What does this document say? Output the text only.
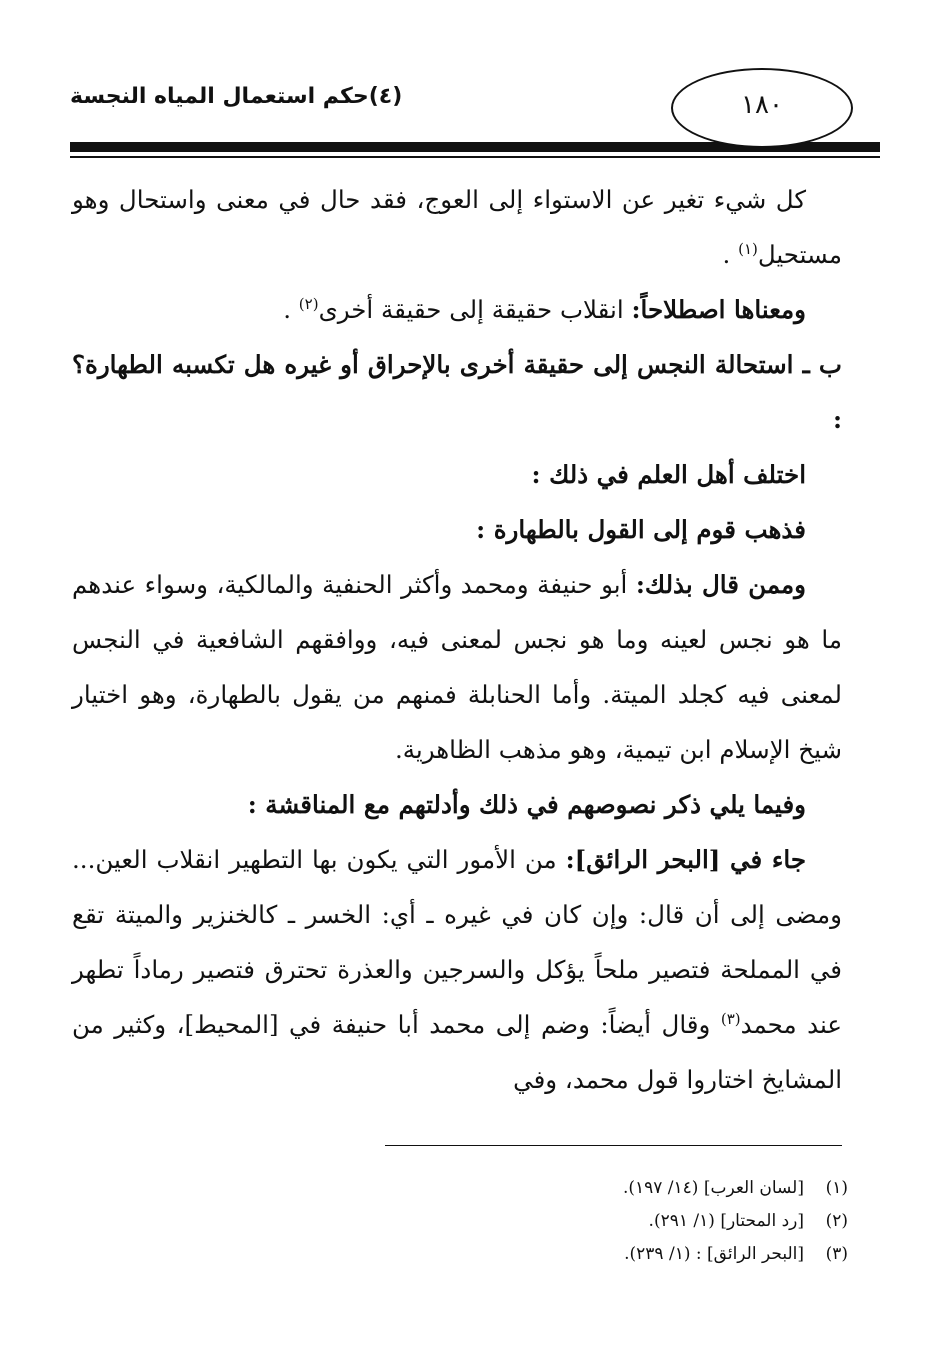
(٤)حكم استعمال المياه النجسة	١٨٠

كل شيء تغير عن الاستواء إلى العوج، فقد حال في معنى واستحال وهو مستحيل$^{(١)}$ .

ومعناها اصطلاحاً: انقلاب حقيقة إلى حقيقة أخرى$^{(٢)}$ .

ب ـ استحالة النجس إلى حقيقة أخرى بالإحراق أو غيره هل تكسبه الطهارة؟ :

اختلف أهل العلم في ذلك :

فذهب قوم إلى القول بالطهارة :

وممن قال بذلك: أبو حنيفة ومحمد وأكثر الحنفية والمالكية، وسواء عندهم ما هو نجس لعينه وما هو نجس لمعنى فيه، ووافقهم الشافعية في النجس لمعنى فيه كجلد الميتة. وأما الحنابلة فمنهم من يقول بالطهارة، وهو اختيار شيخ الإسلام ابن تيمية، وهو مذهب الظاهرية.

وفيما يلي ذكر نصوصهم في ذلك وأدلتهم مع المناقشة :

جاء في [البحر الرائق]: من الأمور التي يكون بها التطهير انقلاب العين... ومضى إلى أن قال: وإن كان في غيره ـ أي: الخسر ـ كالخنزير والميتة تقع في المملحة فتصير ملحاً يؤكل والسرجين والعذرة تحترق فتصير رماداً تطهر عند محمد$^{(٣)}$ وقال أيضاً: وضم إلى محمد أبا حنيفة في [المحيط]، وكثير من المشايخ اختاروا قول محمد، وفي

(١)
[لسان العرب] (١٤/ ١٩٧).
(٢)
[رد المحتار] (١/ ٢٩١).
(٣)
[البحر الرائق] : (١/ ٢٣٩).
